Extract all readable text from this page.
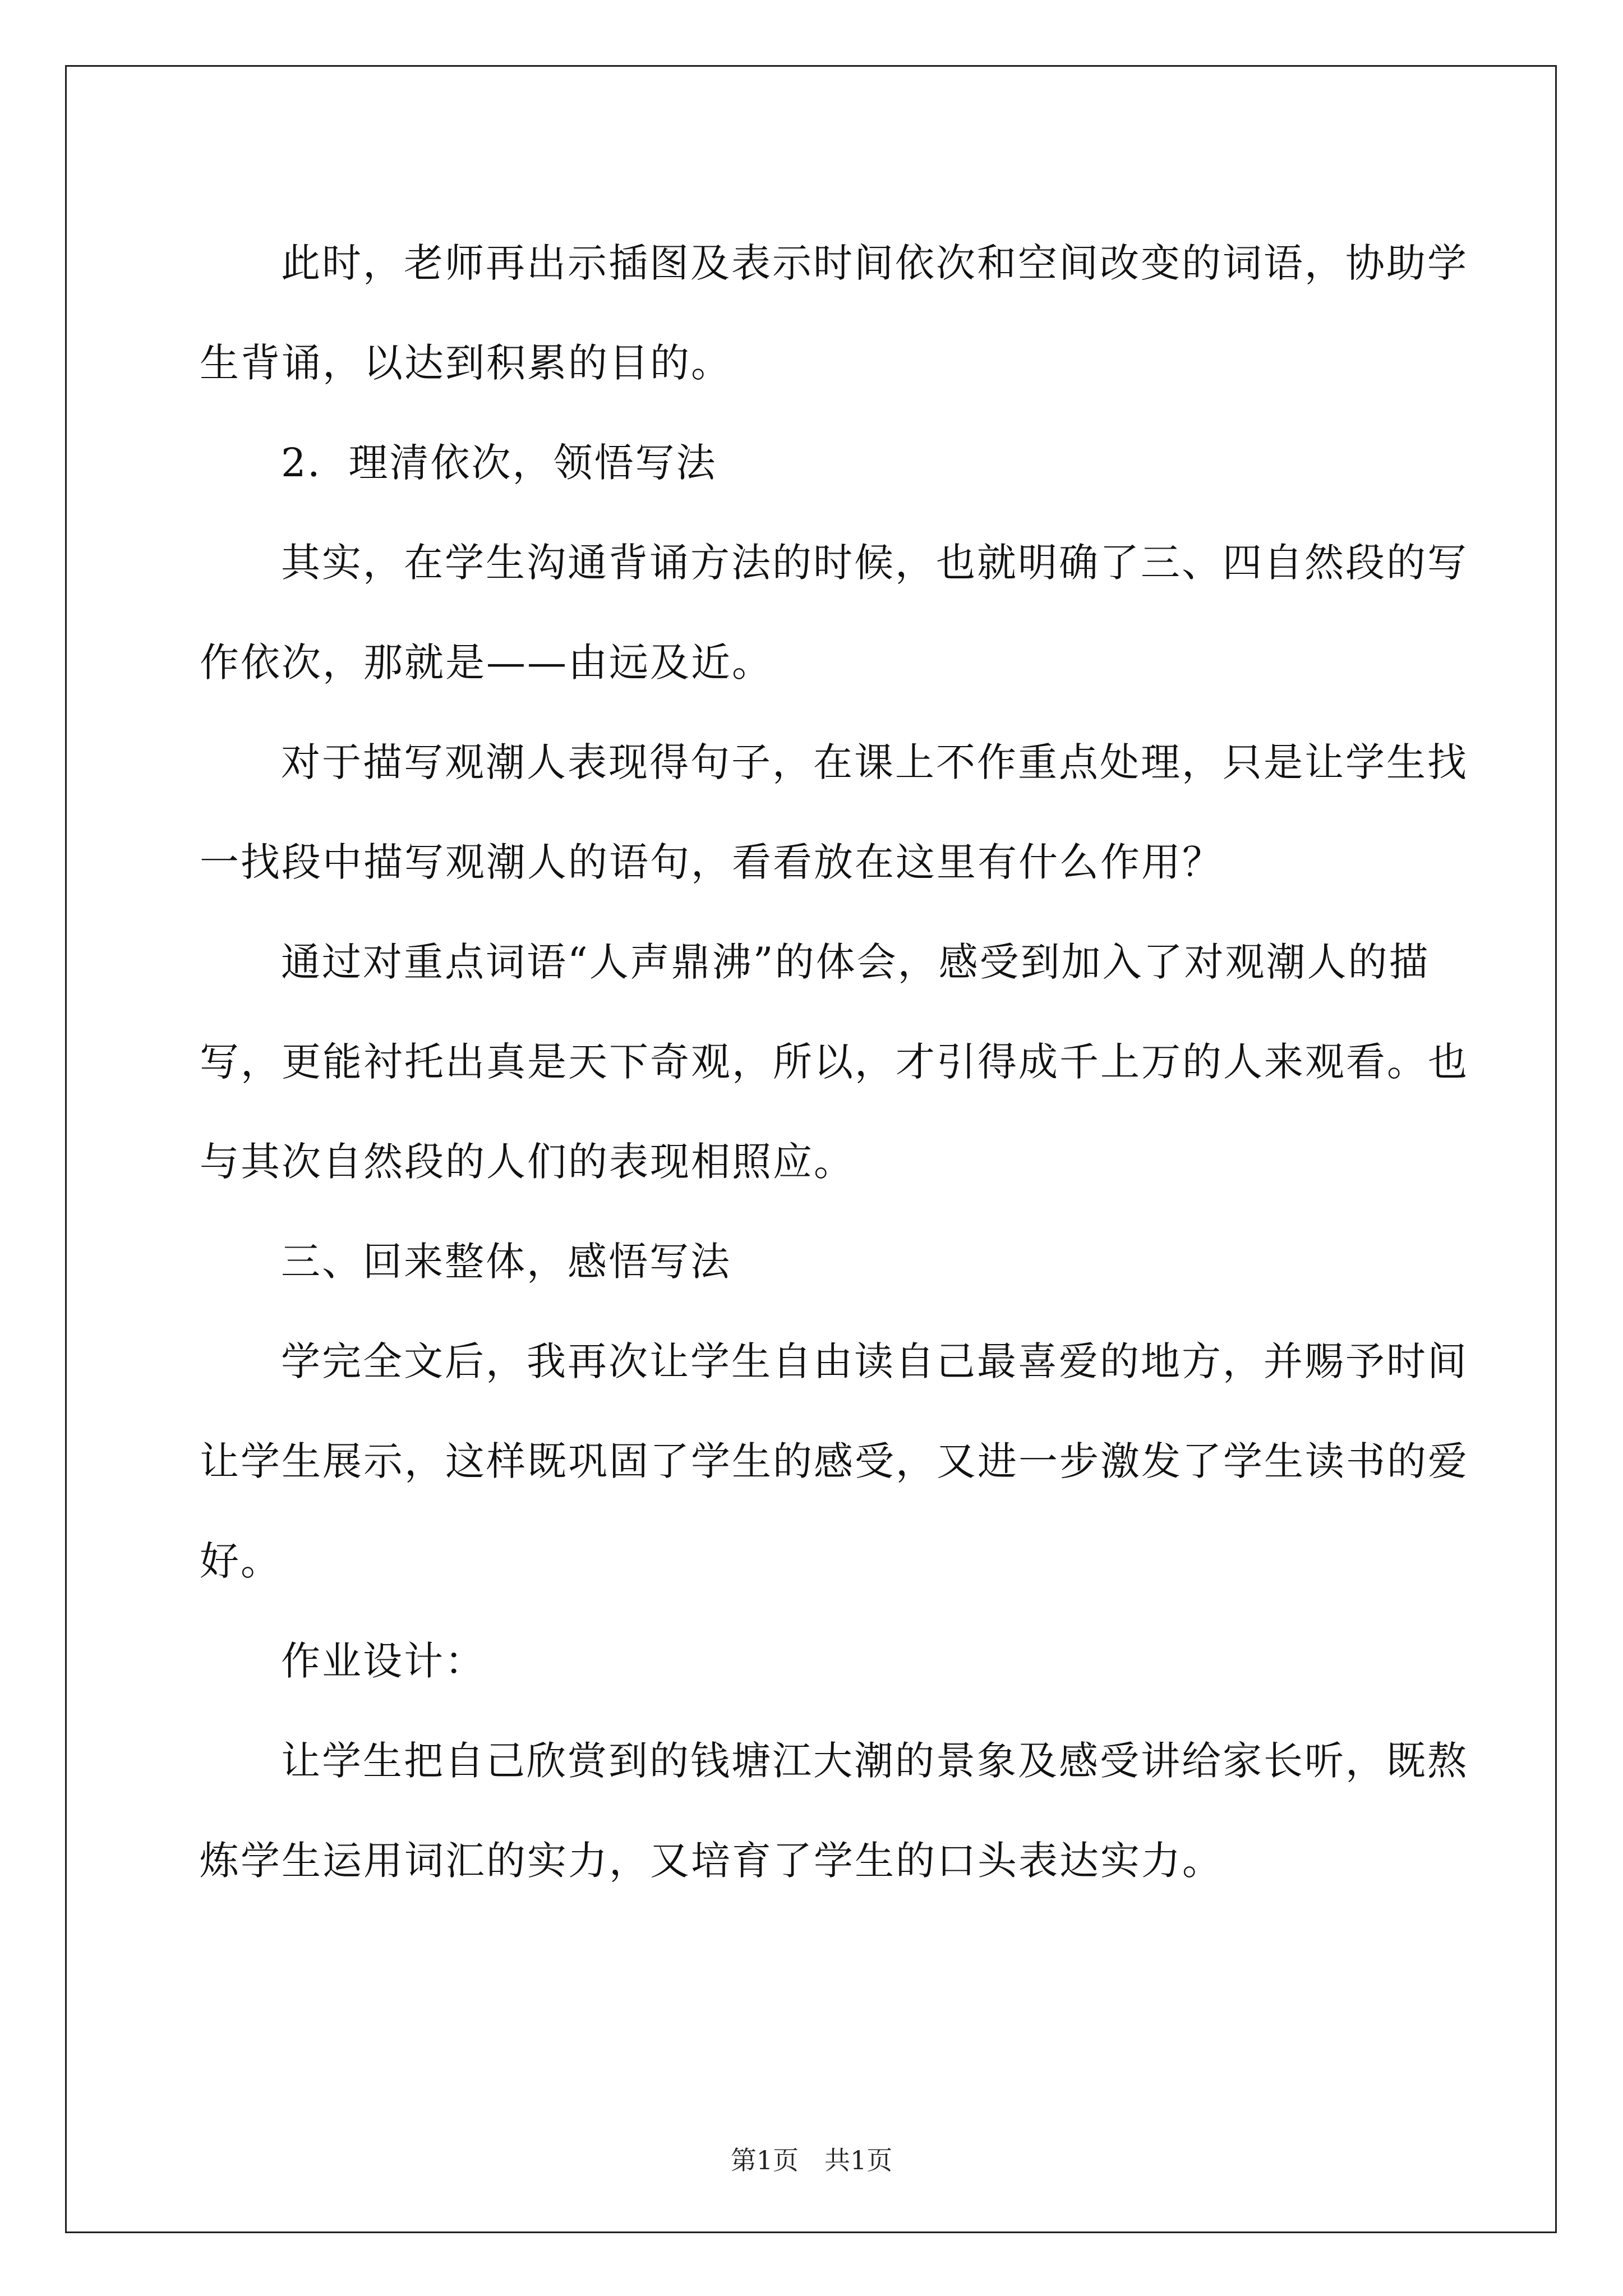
此时，老师再出示插图及表示时间依次和空间改变的词语，协助学生背诵，以达到积累的目的。

2．理清依次，领悟写法

其实，在学生沟通背诵方法的时候，也就明确了三、四自然段的写作依次，那就是——由远及近。

对于描写观潮人表现得句子，在课上不作重点处理，只是让学生找一找段中描写观潮人的语句，看看放在这里有什么作用？

通过对重点词语“人声鼎沸”的体会，感受到加入了对观潮人的描写，更能衬托出真是天下奇观，所以，才引得成千上万的人来观看。也与其次自然段的人们的表现相照应。

三、回来整体，感悟写法

学完全文后，我再次让学生自由读自己最喜爱的地方，并赐予时间让学生展示，这样既巩固了学生的感受，又进一步激发了学生读书的爱好。

作业设计：

让学生把自己欣赏到的钱塘江大潮的景象及感受讲给家长听，既熬炼学生运用词汇的实力，又培育了学生的口头表达实力。

第1页　共1页
